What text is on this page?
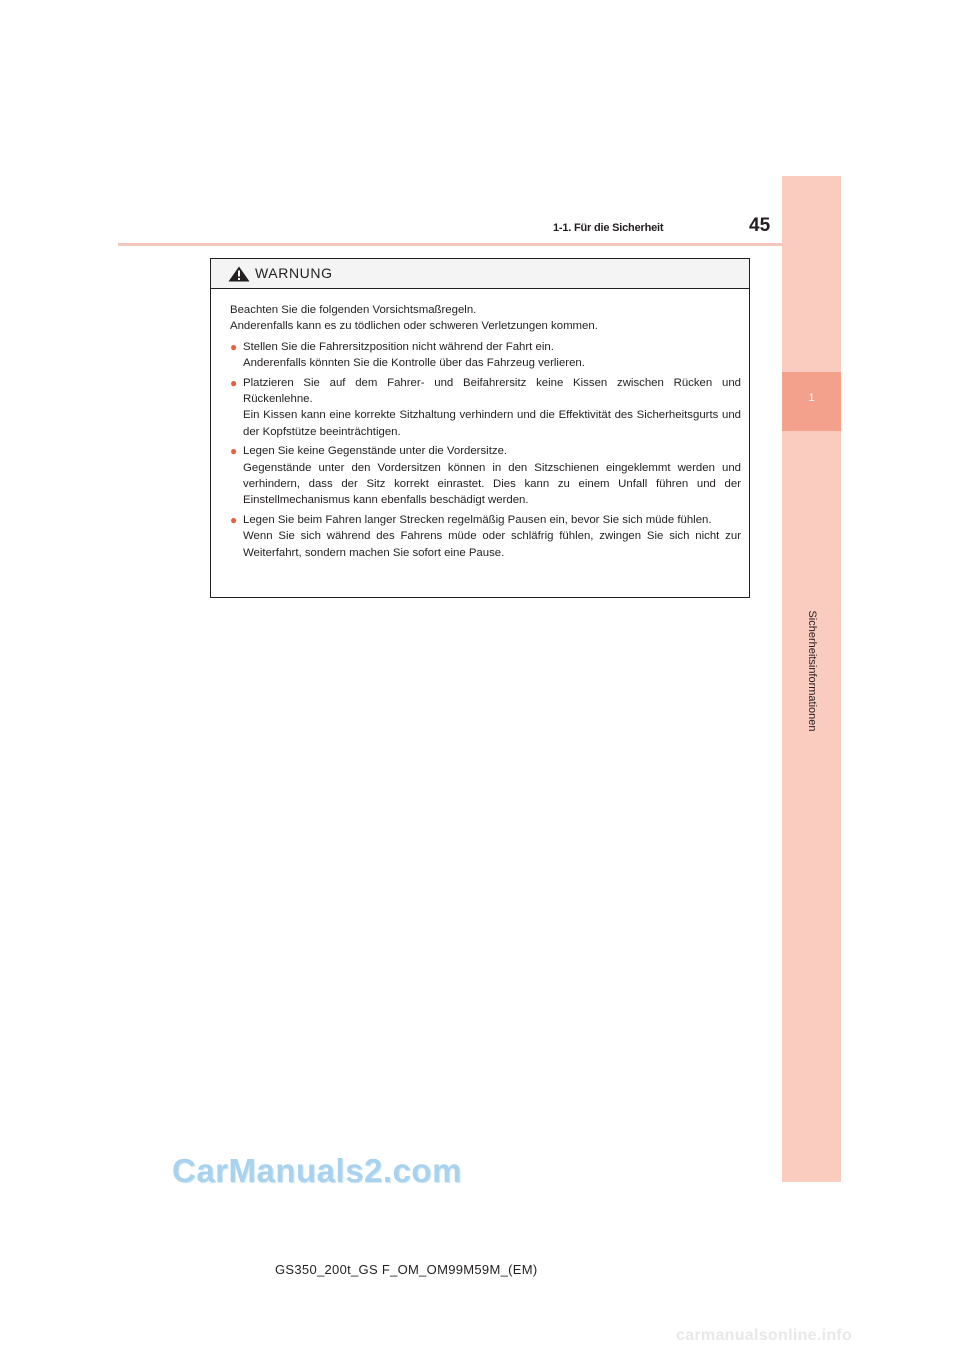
1-1. Für die Sicherheit	45
1
Sicherheitsinformationen
WARNUNG

Beachten Sie die folgenden Vorsichtsmaßregeln.

Anderenfalls kann es zu tödlichen oder schweren Verletzungen kommen.

● Stellen Sie die Fahrersitzposition nicht während der Fahrt ein.

Anderenfalls könnten Sie die Kontrolle über das Fahrzeug verlieren.

● Platzieren Sie auf dem Fahrer- und Beifahrersitz keine Kissen zwischen Rücken und Rückenlehne.

Ein Kissen kann eine korrekte Sitzhaltung verhindern und die Effektivität des Sicherheitsgurts und der Kopfstütze beeinträchtigen.

● Legen Sie keine Gegenstände unter die Vordersitze.

Gegenstände unter den Vordersitzen können in den Sitzschienen eingeklemmt werden und verhindern, dass der Sitz korrekt einrastet. Dies kann zu einem Unfall führen und der Einstellmechanismus kann ebenfalls beschädigt werden.

● Legen Sie beim Fahren langer Strecken regelmäßig Pausen ein, bevor Sie sich müde fühlen.

Wenn Sie sich während des Fahrens müde oder schläfrig fühlen, zwingen Sie sich nicht zur Weiterfahrt, sondern machen Sie sofort eine Pause.

CarManuals2.com
GS350_200t_GS F_OM_OM99M59M_(EM)
carmanualsonline.info
